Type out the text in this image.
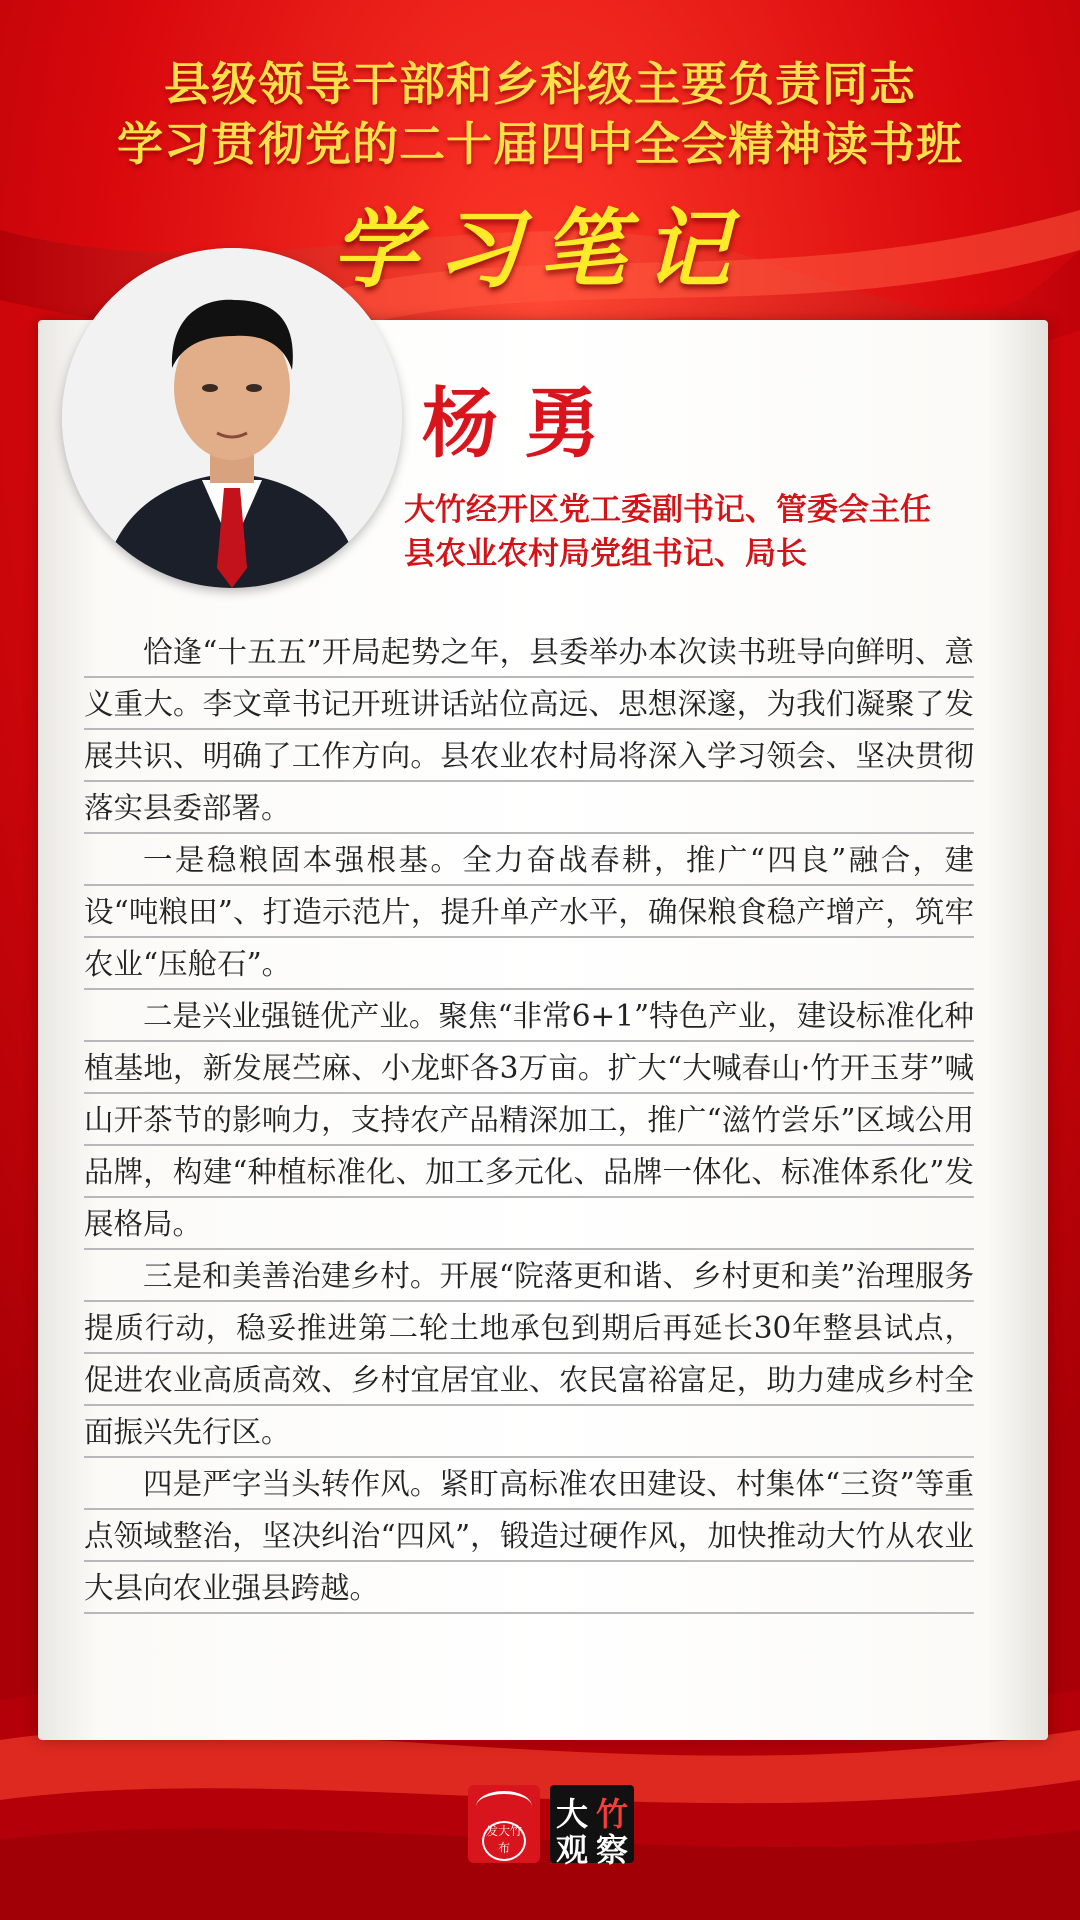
县级领导干部和乡科级主要负责同志
学习贯彻党的二十届四中全会精神读书班
学习笔记
杨勇
大竹经开区党工委副书记、管委会主任
县农业农村局党组书记、局长

恰逢“十五五”开局起势之年，县委举办本次读书班导向鲜明、意义重大。李文章书记开班讲话站位高远、思想深邃，为我们凝聚了发展共识、明确了工作方向。县农业农村局将深入学习领会、坚决贯彻落实县委部署。

一是稳粮固本强根基。全力奋战春耕，推广“四良”融合，建设“吨粮田”、打造示范片，提升单产水平，确保粮食稳产增产，筑牢农业“压舱石”。

二是兴业强链优产业。聚焦“非常6+1”特色产业，建设标准化种植基地，新发展苎麻、小龙虾各3万亩。扩大“大喊春山·竹开玉芽”喊山开茶节的影响力，支持农产品精深加工，推广“滋竹尝乐”区域公用品牌，构建“种植标准化、加工多元化、品牌一体化、标准体系化”发展格局。

三是和美善治建乡村。开展“院落更和谐、乡村更和美”治理服务提质行动，稳妥推进第二轮土地承包到期后再延长30年整县试点，促进农业高质高效、乡村宜居宜业、农民富裕富足，助力建成乡村全面振兴先行区。

四是严字当头转作风。紧盯高标准农田建设、村集体“三资”等重点领域整治，坚决纠治“四风”，锻造过硬作风，加快推动大竹从农业大县向农业强县跨越。

发大竹布
大 竹
观 察
